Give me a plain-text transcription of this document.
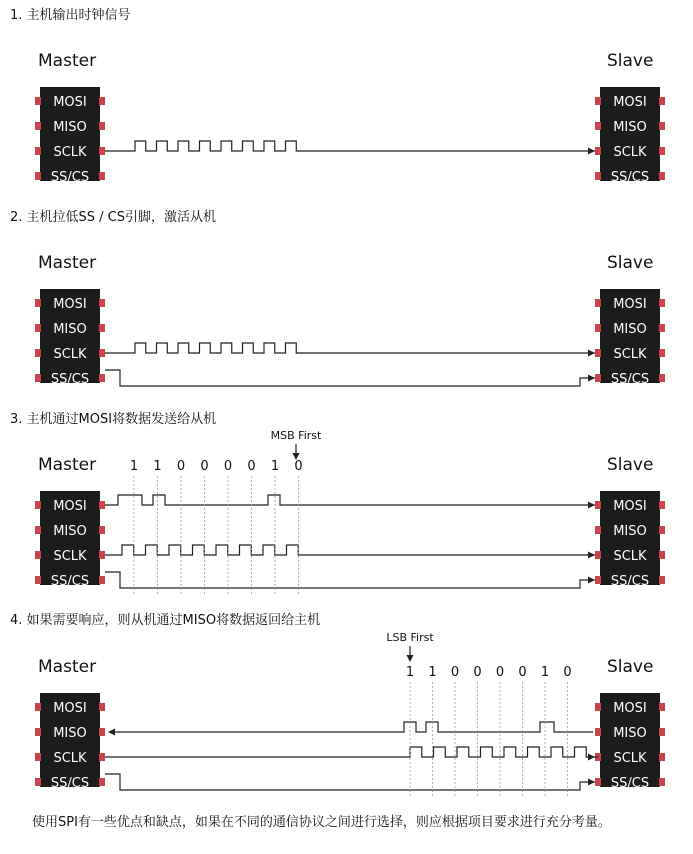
1. 主机输出时钟信号
2. 主机拉低SS / CS引脚，激活从机
3. 主机通过MOSI将数据发送给从机
4. 如果需要响应，则从机通过MISO将数据返回给主机
Master	Slave
MOSI
MISO
SCLK
SS/CS
MOSI
MISO
SCLK
SS/CS
Master	Slave
MOSI
MISO
SCLK
SS/CS
MOSI
MISO
SCLK
SS/CS
Master	Slave
MOSI
MISO
SCLK
SS/CS
MOSI
MISO
SCLK
SS/CS
1 1 0 0 0 0 1 0
MSB First
Master	Slave
MOSI
MISO
SCLK
SS/CS
MOSI
MISO
SCLK
SS/CS
1 1 0 0 0 0 1 0
LSB First
使用SPI有一些优点和缺点，如果在不同的通信协议之间进行选择，则应根据项目要求进行充分考量。
